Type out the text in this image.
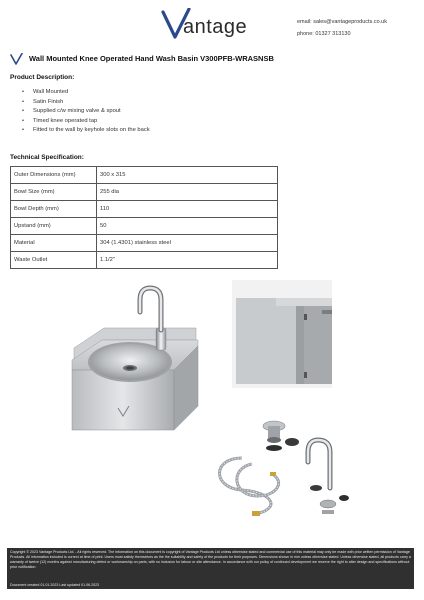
antage	email: sales@vantageproducts.co.uk
phone: 01327 313130
Wall Mounted Knee Operated Hand Wash Basin V300PFB-WRASNSB
Product Description:
• Wall Mounted
• Satin Finish
• Supplied c/w mixing valve & spout
• Timed knee operated tap
• Fitted to the wall by keyhole slots on the back
Technical Specification:
Outer Dimensions (mm)	300 x 315
Bowl Size (mm)	255 dia
Bowl Depth (mm)	110
Upstand (mm)	50
Material	304 (1.4301) stainless steel
Waste Outlet	1.1/2"
Copyright © 2023 Vantage Products Ltd. - All rights reserved. The information on this document is copyright of Vantage Products Ltd unless otherwise stated and commercial use of this material may only be made with prior written permission of Vantage Products. All information included is correct at time of print. Users must satisfy themselves as the the suitability and safety of the products for their purposes. Dimensions shown in mm unless otherwise stated. Unless otherwise stated, all products carry a warranty of twelve (12) months against manufacturing defect or workmanship on parts, with no inclusion for labour or site attendance. In accordance with our policy of continued development we reserve the right to alter design and specifications without prior notification.
Document created 01.01.2023 Last updated 01.06.2023
